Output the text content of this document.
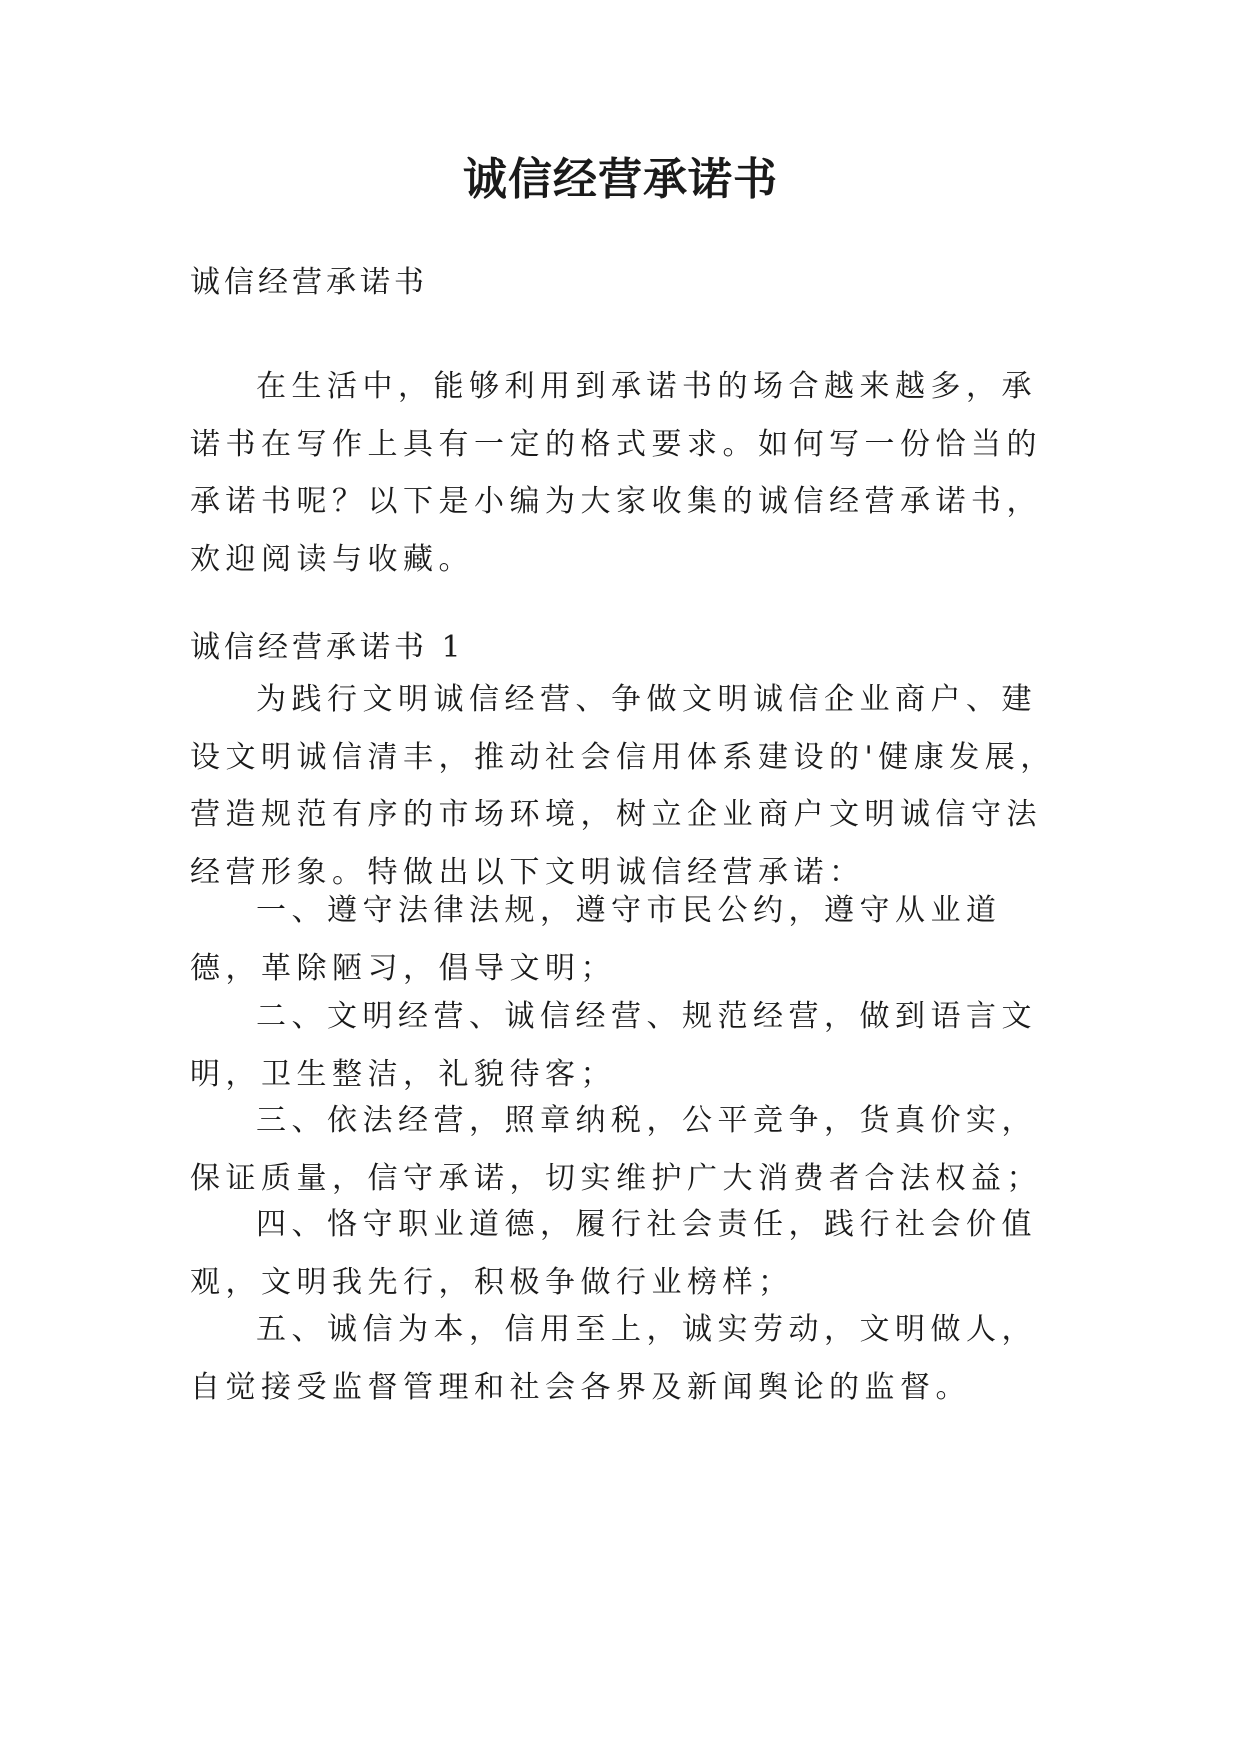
诚信经营承诺书

诚信经营承诺书

在生活中，能够利用到承诺书的场合越来越多，承诺书在写作上具有一定的格式要求。如何写一份恰当的承诺书呢？以下是小编为大家收集的诚信经营承诺书，欢迎阅读与收藏。

诚信经营承诺书 1

为践行文明诚信经营、争做文明诚信企业商户、建设文明诚信清丰，推动社会信用体系建设的'健康发展，营造规范有序的市场环境，树立企业商户文明诚信守法经营形象。特做出以下文明诚信经营承诺：

一、遵守法律法规，遵守市民公约，遵守从业道德，革除陋习，倡导文明；

二、文明经营、诚信经营、规范经营，做到语言文明，卫生整洁，礼貌待客；

三、依法经营，照章纳税，公平竞争，货真价实，保证质量，信守承诺，切实维护广大消费者合法权益；

四、恪守职业道德，履行社会责任，践行社会价值观，文明我先行，积极争做行业榜样；

五、诚信为本，信用至上，诚实劳动，文明做人，自觉接受监督管理和社会各界及新闻舆论的监督。
